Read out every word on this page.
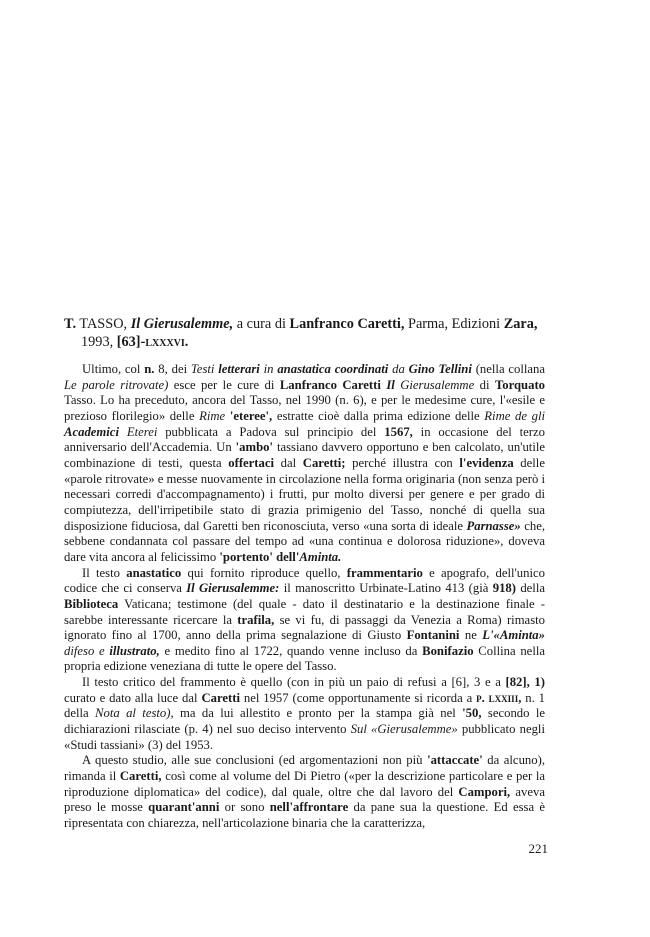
T. TASSO, Il Gierusalemme, a cura di Lanfranco Caretti, Parma, Edizioni Zara, 1993, [63]-lxxxvi.

Ultimo, col n. 8, dei Testi letterari in anastatica coordinati da Gino Tellini (nella collana Le parole ritrovate) esce per le cure di Lanfranco Caretti Il Gierusalemme di Torquato Tasso. Lo ha preceduto, ancora del Tasso, nel 1990 (n. 6), e per le medesime cure, l'«esile e prezioso florilegio» delle Rime 'eteree', estratte cioè dalla prima edizione delle Rime de gli Academici Eterei pubblicata a Padova sul principio del 1567, in occasione del terzo anniversario dell'Accademia. Un 'ambo' tassiano davvero opportuno e ben calcolato, un'utile combinazione di testi, questa offertaci dal Caretti; perché illustra con l'evidenza delle «parole ritrovate» e messe nuovamente in circolazione nella forma originaria (non senza però i necessari corredi d'accompagnamento) i frutti, pur molto diversi per genere e per grado di compiutezza, dell'irripetibile stato di grazia primigenio del Tasso, nonché di quella sua disposizione fiduciosa, dal Garetti ben riconosciuta, verso «una sorta di ideale Parnasse» che, sebbene condannata col passare del tempo ad «una continua e dolorosa riduzione», doveva dare vita ancora al felicissimo 'portento' dell'Aminta.

Il testo anastatico qui fornito riproduce quello, frammentario e apografo, dell'unico codice che ci conserva Il Gierusalemme: il manoscritto Urbinate-Latino 413 (già 918) della Biblioteca Vaticana; testimone (del quale - dato il destinatario e la destinazione finale - sarebbe interessante ricercare la trafila, se vi fu, di passaggi da Venezia a Roma) rimasto ignorato fino al 1700, anno della prima segnalazione di Giusto Fontanini ne L'«Aminta» difeso e illustrato, e medito fino al 1722, quando venne incluso da Bonifazio Collina nella propria edizione veneziana di tutte le opere del Tasso.

Il testo critico del frammento è quello (con in più un paio di refusi a [6], 3 e a [82], 1) curato e dato alla luce dal Caretti nel 1957 (come opportunamente si ricorda a p. lxxiii, n. 1 della Nota al testo), ma da lui allestito e pronto per la stampa già nel '50, secondo le dichiarazioni rilasciate (p. 4) nel suo deciso intervento Sul «Gierusalemme» pubblicato negli «Studi tassiani» (3) del 1953.

A questo studio, alle sue conclusioni (ed argomentazioni non più 'attaccate' da alcuno), rimanda il Caretti, così come al volume del Di Pietro («per la descrizione particolare e per la riproduzione diplomatica» del codice), dal quale, oltre che dal lavoro del Campori, aveva preso le mosse quarant'anni or sono nell'affrontare da pane sua la questione. Ed essa è ripresentata con chiarezza, nell'articolazione binaria che la caratterizza,

221
